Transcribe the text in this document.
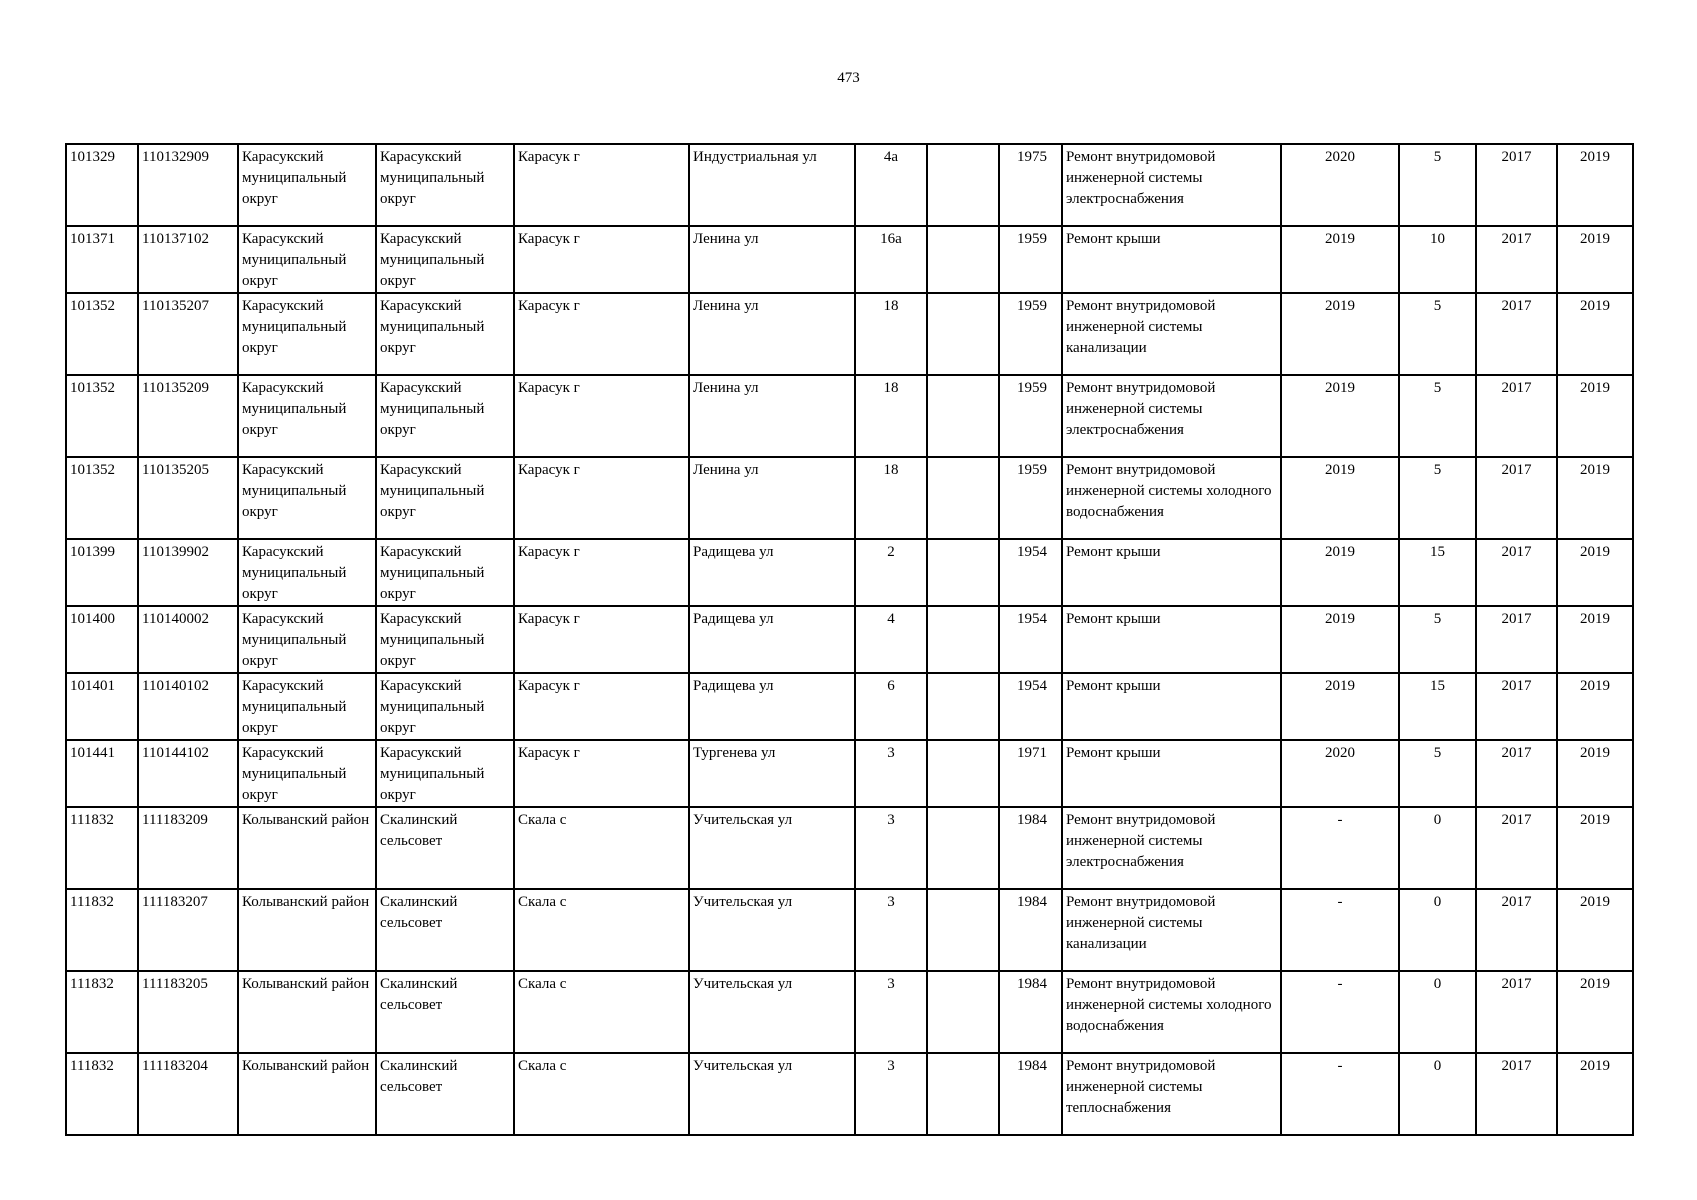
473
101329	110132909	Карасукский муниципальный округ	Карасукский муниципальный округ	Карасук г	Индустриальная ул	4а		1975	Ремонт внутридомовой инженерной системы электроснабжения	2020	5	2017	2019
101371	110137102	Карасукский муниципальный округ	Карасукский муниципальный округ	Карасук г	Ленина ул	16а		1959	Ремонт крыши	2019	10	2017	2019
101352	110135207	Карасукский муниципальный округ	Карасукский муниципальный округ	Карасук г	Ленина ул	18		1959	Ремонт внутридомовой инженерной системы канализации	2019	5	2017	2019
101352	110135209	Карасукский муниципальный округ	Карасукский муниципальный округ	Карасук г	Ленина ул	18		1959	Ремонт внутридомовой инженерной системы электроснабжения	2019	5	2017	2019
101352	110135205	Карасукский муниципальный округ	Карасукский муниципальный округ	Карасук г	Ленина ул	18		1959	Ремонт внутридомовой инженерной системы холодного водоснабжения	2019	5	2017	2019
101399	110139902	Карасукский муниципальный округ	Карасукский муниципальный округ	Карасук г	Радищева ул	2		1954	Ремонт крыши	2019	15	2017	2019
101400	110140002	Карасукский муниципальный округ	Карасукский муниципальный округ	Карасук г	Радищева ул	4		1954	Ремонт крыши	2019	5	2017	2019
101401	110140102	Карасукский муниципальный округ	Карасукский муниципальный округ	Карасук г	Радищева ул	6		1954	Ремонт крыши	2019	15	2017	2019
101441	110144102	Карасукский муниципальный округ	Карасукский муниципальный округ	Карасук г	Тургенева ул	3		1971	Ремонт крыши	2020	5	2017	2019
111832	111183209	Колыванский район	Скалинский сельсовет	Скала с	Учительская ул	3		1984	Ремонт внутридомовой инженерной системы электроснабжения	-	0	2017	2019
111832	111183207	Колыванский район	Скалинский сельсовет	Скала с	Учительская ул	3		1984	Ремонт внутридомовой инженерной системы канализации	-	0	2017	2019
111832	111183205	Колыванский район	Скалинский сельсовет	Скала с	Учительская ул	3		1984	Ремонт внутридомовой инженерной системы холодного водоснабжения	-	0	2017	2019
111832	111183204	Колыванский район	Скалинский сельсовет	Скала с	Учительская ул	3		1984	Ремонт внутридомовой инженерной системы теплоснабжения	-	0	2017	2019
